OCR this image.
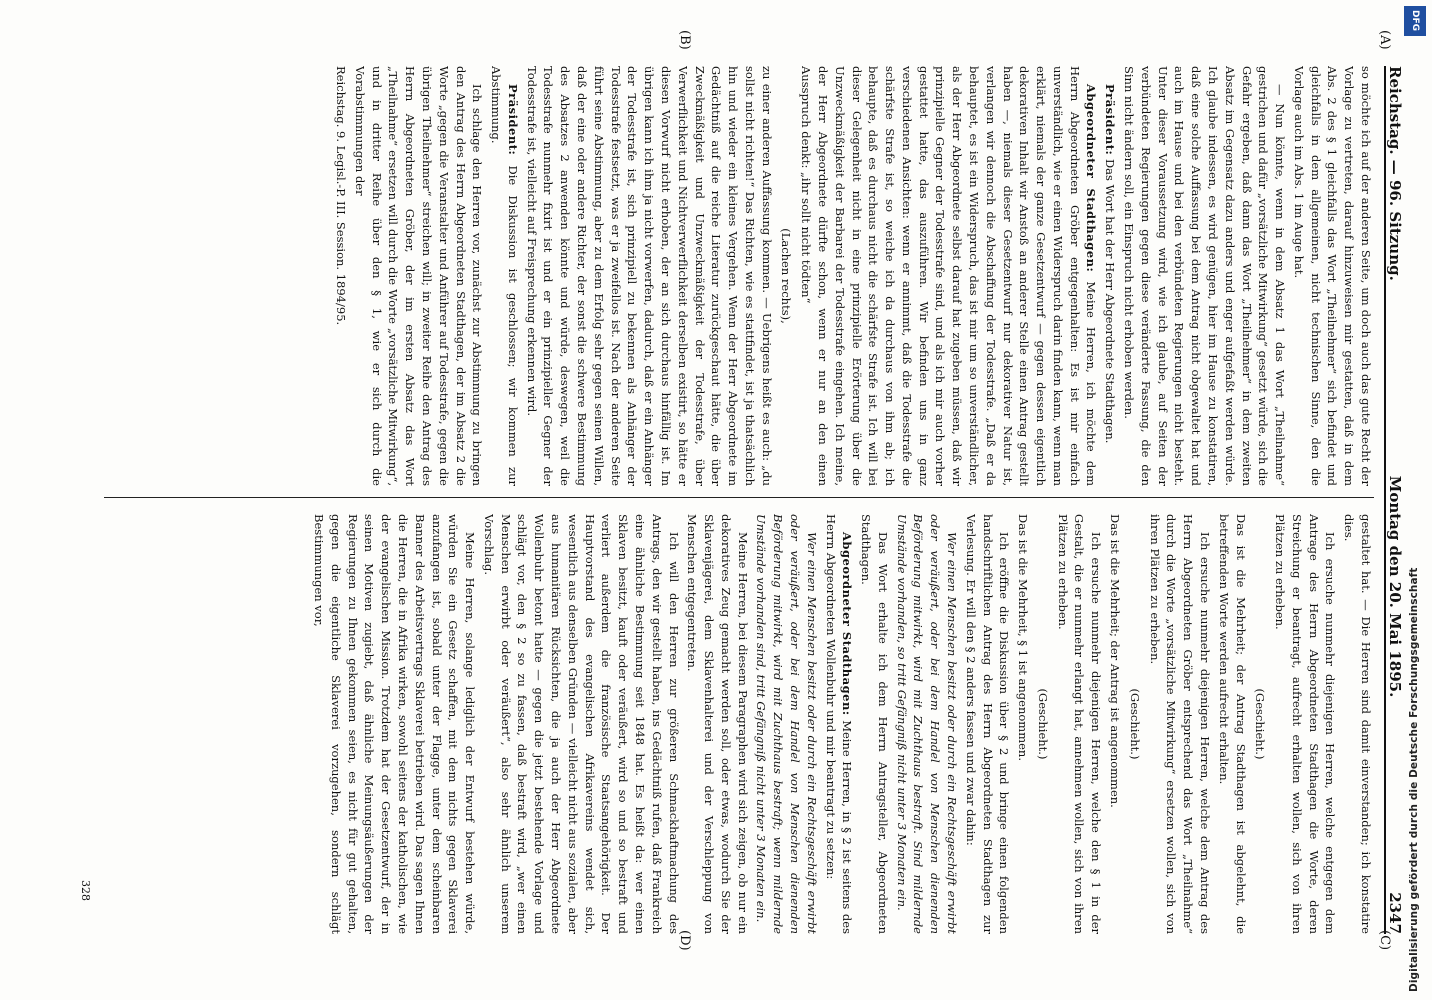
(A)
(B)
(C)
(D)
Reichstag. — 96. Sitzung.
Montag den 20. Mai 1895.
2347

so möchte ich auf der anderen Seite, um doch auch das gute Recht der Vorlage zu vertreten, darauf hinzuweisen mir gestatten, daß in dem Abs. 2 des § 1 gleichfalls das Wort „Theilnehmer“ sich befindet und gleichfalls in dem allgemeinen, nicht technischen Sinne, den die Vorlage auch im Abs. 1 im Auge hat.

— Nun könnte, wenn in dem Absatz 1 das Wort „Theilnahme“ gestrichen und dafür „vorsätzliche Mitwirkung“ gesetzt würde, sich die Gefahr ergeben, daß dann das Wort „Theilnehmer“ in dem zweiten Absatz im Gegensatz dazu anders und enger aufgefaßt werden würde. Ich glaube indessen, es wird genügen, hier im Hause zu konstatiren, daß eine solche Auffassung bei dem Antrag nicht obgewaltet hat und auch im Hause und bei den verbündeten Regierungen nicht besteht. Unter dieser Voraussetzung wird, wie ich glaube, auf Seiten der verbündeten Regierungen gegen diese veränderte Fassung, die den Sinn nicht ändern soll, ein Einspruch nicht erhoben werden.

Präsident: Das Wort hat der Herr Abgeordnete Stadthagen.

Abgeordneter Stadthagen: Meine Herren, ich möchte dem Herrn Abgeordneten Gröber entgegenhalten: Es ist mir einfach unverständlich, wie er einen Widerspruch darin finden kann, wenn man erklärt, niemals der ganze Gesetzentwurf — gegen dessen eigentlich dekorativen Inhalt wir Anstoß an anderer Stelle einen Antrag gestellt haben —, niemals dieser Gesetzentwurf nur dekorativer Natur ist, verlangen wir dennoch die Abschaffung der Todesstrafe. „Daß er da behauptet, es ist ein Widerspruch, das ist mir um so unverständlicher, als der Herr Abgeordnete selbst darauf hat zugeben müssen, daß wir prinzipielle Gegner der Todesstrafe sind, und als ich mir auch vorher gestattet hatte, das auszuführen. Wir befinden uns in ganz verschiedenen Ansichten: wenn er annimmt, daß die Todesstrafe die schärfste Strafe ist, so weiche ich da durchaus von ihm ab; ich behaupte, daß es durchaus nicht die schärfste Strafe ist. Ich will bei dieser Gelegenheit nicht in eine prinzipielle Erörterung über die Unzweckmäßigkeit der Barbarei der Todesstrafe eingehen. Ich meine, der Herr Abgeordnete dürfte schon, wenn er nur an den einen Ausspruch denkt: „ihr sollt nicht tödten“

(Lachen rechts),

zu einer anderen Auffassung kommen. — Uebrigens heißt es auch: „du sollst nicht richten!“ Das Richten, wie es stattfindet, ist ja thatsächlich hin und wieder ein kleines Vergehen. Wenn der Herr Abgeordnete im Gedächtniß auf die reiche Literatur zurückgeschaut hätte, die über Zweckmäßigkeit und Unzweckmäßigkeit der Todesstrafe, über Verwerflichkeit und Nichtverwerflichkeit derselben existirt, so hätte er diesen Vorwurf nicht erhoben, der an sich durchaus hinfällig ist. Im übrigen kann ich ihm ja nicht vorwerfen, dadurch, daß er ein Anhänger der Todesstrafe ist, sich prinzipiell zu bekennen als Anhänger der Todesstrafe festsetzt, was er ja zweifellos ist. Nach der anderen Seite führt seine Abstimmung, aber zu dem Erfolg sehr gegen seinen Willen, daß der eine oder andere Richter, der sonst die schwere Bestimmung des Absatzes 2 anwenden könnte und würde, deswegen, weil die Todesstrafe nunmehr fixirt ist und er ein prinzipieller Gegner der Todesstrafe ist, vielleicht auf Freisprechung erkennen wird.

Präsident: Die Diskussion ist geschlossen; wir kommen zur Abstimmung.

Ich schlage den Herren vor, zunächst zur Abstimmung zu bringen den Antrag des Herrn Abgeordneten Stadthagen, der im Absatz 2 die Worte „gegen die Veranstalter und Anführer auf Todesstrafe, gegen die übrigen Theilnehmer“ streichen will; in zweiter Reihe den Antrag des Herrn Abgeordneten Gröber, der im ersten Absatz das Wort „Theilnahme“ ersetzen will durch die Worte „vorsätzliche Mitwirkung“, und in dritter Reihe über den § 1, wie er sich durch die Vorabstimmungen der

Reichstag. 9. Legisl.-P. III. Session. 1894/95.

gestaltet hat. — Die Herren sind damit einverstanden; ich konstatire dies.

Ich ersuche nunmehr diejenigen Herren, welche entgegen dem Antrage des Herrn Abgeordneten Stadthagen die Worte, deren Streichung er beantragt, aufrecht erhalten wollen, sich von ihren Plätzen zu erheben.

(Geschieht.)

Das ist die Mehrheit; der Antrag Stadthagen ist abgelehnt, die betreffenden Worte werden aufrecht erhalten.

Ich ersuche nunmehr diejenigen Herren, welche dem Antrag des Herrn Abgeordneten Gröber entsprechend das Wort „Theilnahme“ durch die Worte „vorsätzliche Mitwirkung“ ersetzen wollen, sich von ihren Plätzen zu erheben.

(Geschieht.)

Das ist die Mehrheit; der Antrag ist angenommen.

Ich ersuche nunmehr diejenigen Herren, welche den § 1 in der Gestalt, die er nunmehr erlangt hat, annehmen wollen, sich von ihren Plätzen zu erheben.

(Geschieht.)

Das ist die Mehrheit, § 1 ist angenommen.

Ich eröffne die Diskussion über § 2 und bringe einen folgenden handschriftlichen Antrag des Herrn Abgeordneten Stadthagen zur Verlesung. Er will den § 2 anders fassen und zwar dahin:

Wer einen Menschen besitzt oder durch ein Rechtsgeschäft erwirbt oder veräußert, oder bei dem Handel von Menschen dienenden Beförderung mitwirkt, wird mit Zuchthaus bestraft. Sind mildernde Umstände vorhanden, so tritt Gefängniß nicht unter 3 Monaten ein.

Das Wort erhalte ich dem Herrn Antragsteller, Abgeordneten Stadthagen.

Abgeordneter Stadthagen: Meine Herren, in § 2 ist seitens des Herrn Abgeordneten Wollenbuhr und mir beantragt zu setzen:

Wer einen Menschen besitzt oder durch ein Rechtsgeschäft erwirbt oder veräußert, oder bei dem Handel von Menschen dienenden Beförderung mitwirkt, wird mit Zuchthaus bestraft; wenn mildernde Umstände vorhanden sind, tritt Gefängniß nicht unter 3 Monaten ein.

Meine Herren, bei diesem Paragraphen wird sich zeigen, ob nur ein dekoratives Zeug gemacht werden soll, oder etwas, wodurch Sie der Sklavenjägerei, dem Sklavenhalterei und der Verschleppung von Menschen entgegentreten.

Ich will den Herren zur größeren Schmackhaftmachung des Antrags, den wir gestellt haben, ins Gedächtniß rufen, daß Frankreich eine ähnliche Bestimmung seit 1848 hat. Es heißt da: wer einen Sklaven besitzt, kauft oder veräußert, wird so und so bestraft und verliert außerdem die französische Staatsangehörigkeit. Der Hauptvorstand des evangelischen Afrikavereins wendet sich, wesentlich aus denselben Gründen — vielleicht nicht aus sozialen, aber aus humanitären Rücksichten, die ja auch der Herr Abgeordnete Wollenbuhr betont hatte — gegen die jetzt bestehende Vorlage und schlägt vor, den § 2 so zu fassen, daß bestraft wird, „wer einen Menschen erwirbt oder veräußert“, also sehr ähnlich unserem Vorschlag.

Meine Herren, solange lediglich der Entwurf bestehen würde, würden Sie ein Gesetz schaffen, mit dem nichts gegen Sklaverei anzufangen ist, sobald unter der Flagge, unter dem scheinbaren Banner des Arbeitsvertrags Sklaverei betrieben wird. Das sagen Ihnen die Herren, die in Afrika wirken, sowohl seitens der katholischen, wie der evangelischen Mission. Trotzdem hat der Gesetzentwurf, der in seinen Motiven zugiebt, daß ähnliche Meinungsäußerungen der Regierungen zu Ihnen gekommen seien, es nicht für gut gehalten, gegen die eigentliche Sklaverei vorzugehen, sondern schlägt Bestimmungen vor,

328	Digitalisierung gefördert durch die Deutsche Forschungsgemeinschaft
DFG
